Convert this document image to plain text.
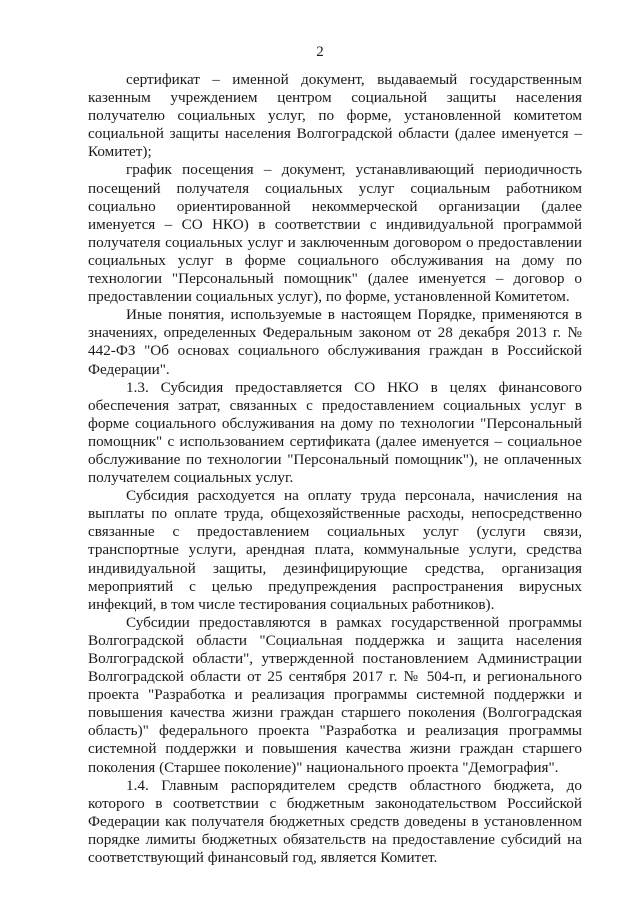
2

сертификат – именной документ, выдаваемый государственным казенным учреждением центром социальной защиты населения получателю социальных услуг, по форме, установленной комитетом социальной защиты населения Волгоградской области (далее именуется – Комитет);

график посещения – документ, устанавливающий периодичность посещений получателя социальных услуг социальным работником социально ориентированной некоммерческой организации (далее именуется – СО НКО) в соответствии с индивидуальной программой получателя социальных услуг и заключенным договором о предоставлении социальных услуг в форме социального обслуживания на дому по технологии "Персональный помощник" (далее именуется – договор о предоставлении социальных услуг), по форме, установленной Комитетом.

Иные понятия, используемые в настоящем Порядке, применяются в значениях, определенных Федеральным законом от 28 декабря 2013 г. № 442-ФЗ "Об основах социального обслуживания граждан в Российской Федерации".

1.3. Субсидия предоставляется СО НКО в целях финансового обеспечения затрат, связанных с предоставлением социальных услуг в форме социального обслуживания на дому по технологии "Персональный помощник" с использованием сертификата (далее именуется – социальное обслуживание по технологии "Персональный помощник"), не оплаченных получателем социальных услуг.

Субсидия расходуется на оплату труда персонала, начисления на выплаты по оплате труда, общехозяйственные расходы, непосредственно связанные с предоставлением социальных услуг (услуги связи, транспортные услуги, арендная плата, коммунальные услуги, средства индивидуальной защиты, дезинфицирующие средства, организация мероприятий с целью предупреждения распространения вирусных инфекций, в том числе тестирования социальных работников).

Субсидии предоставляются в рамках государственной программы Волгоградской области "Социальная поддержка и защита населения Волгоградской области", утвержденной постановлением Администрации Волгоградской области от 25 сентября 2017 г. № 504-п, и регионального проекта "Разработка и реализация программы системной поддержки и повышения качества жизни граждан старшего поколения (Волгоградская область)" федерального проекта "Разработка и реализация программы системной поддержки и повышения качества жизни граждан старшего поколения (Старшее поколение)" национального проекта "Демография".

1.4. Главным распорядителем средств областного бюджета, до которого в соответствии с бюджетным законодательством Российской Федерации как получателя бюджетных средств доведены в установленном порядке лимиты бюджетных обязательств на предоставление субсидий на соответствующий финансовый год, является Комитет.
